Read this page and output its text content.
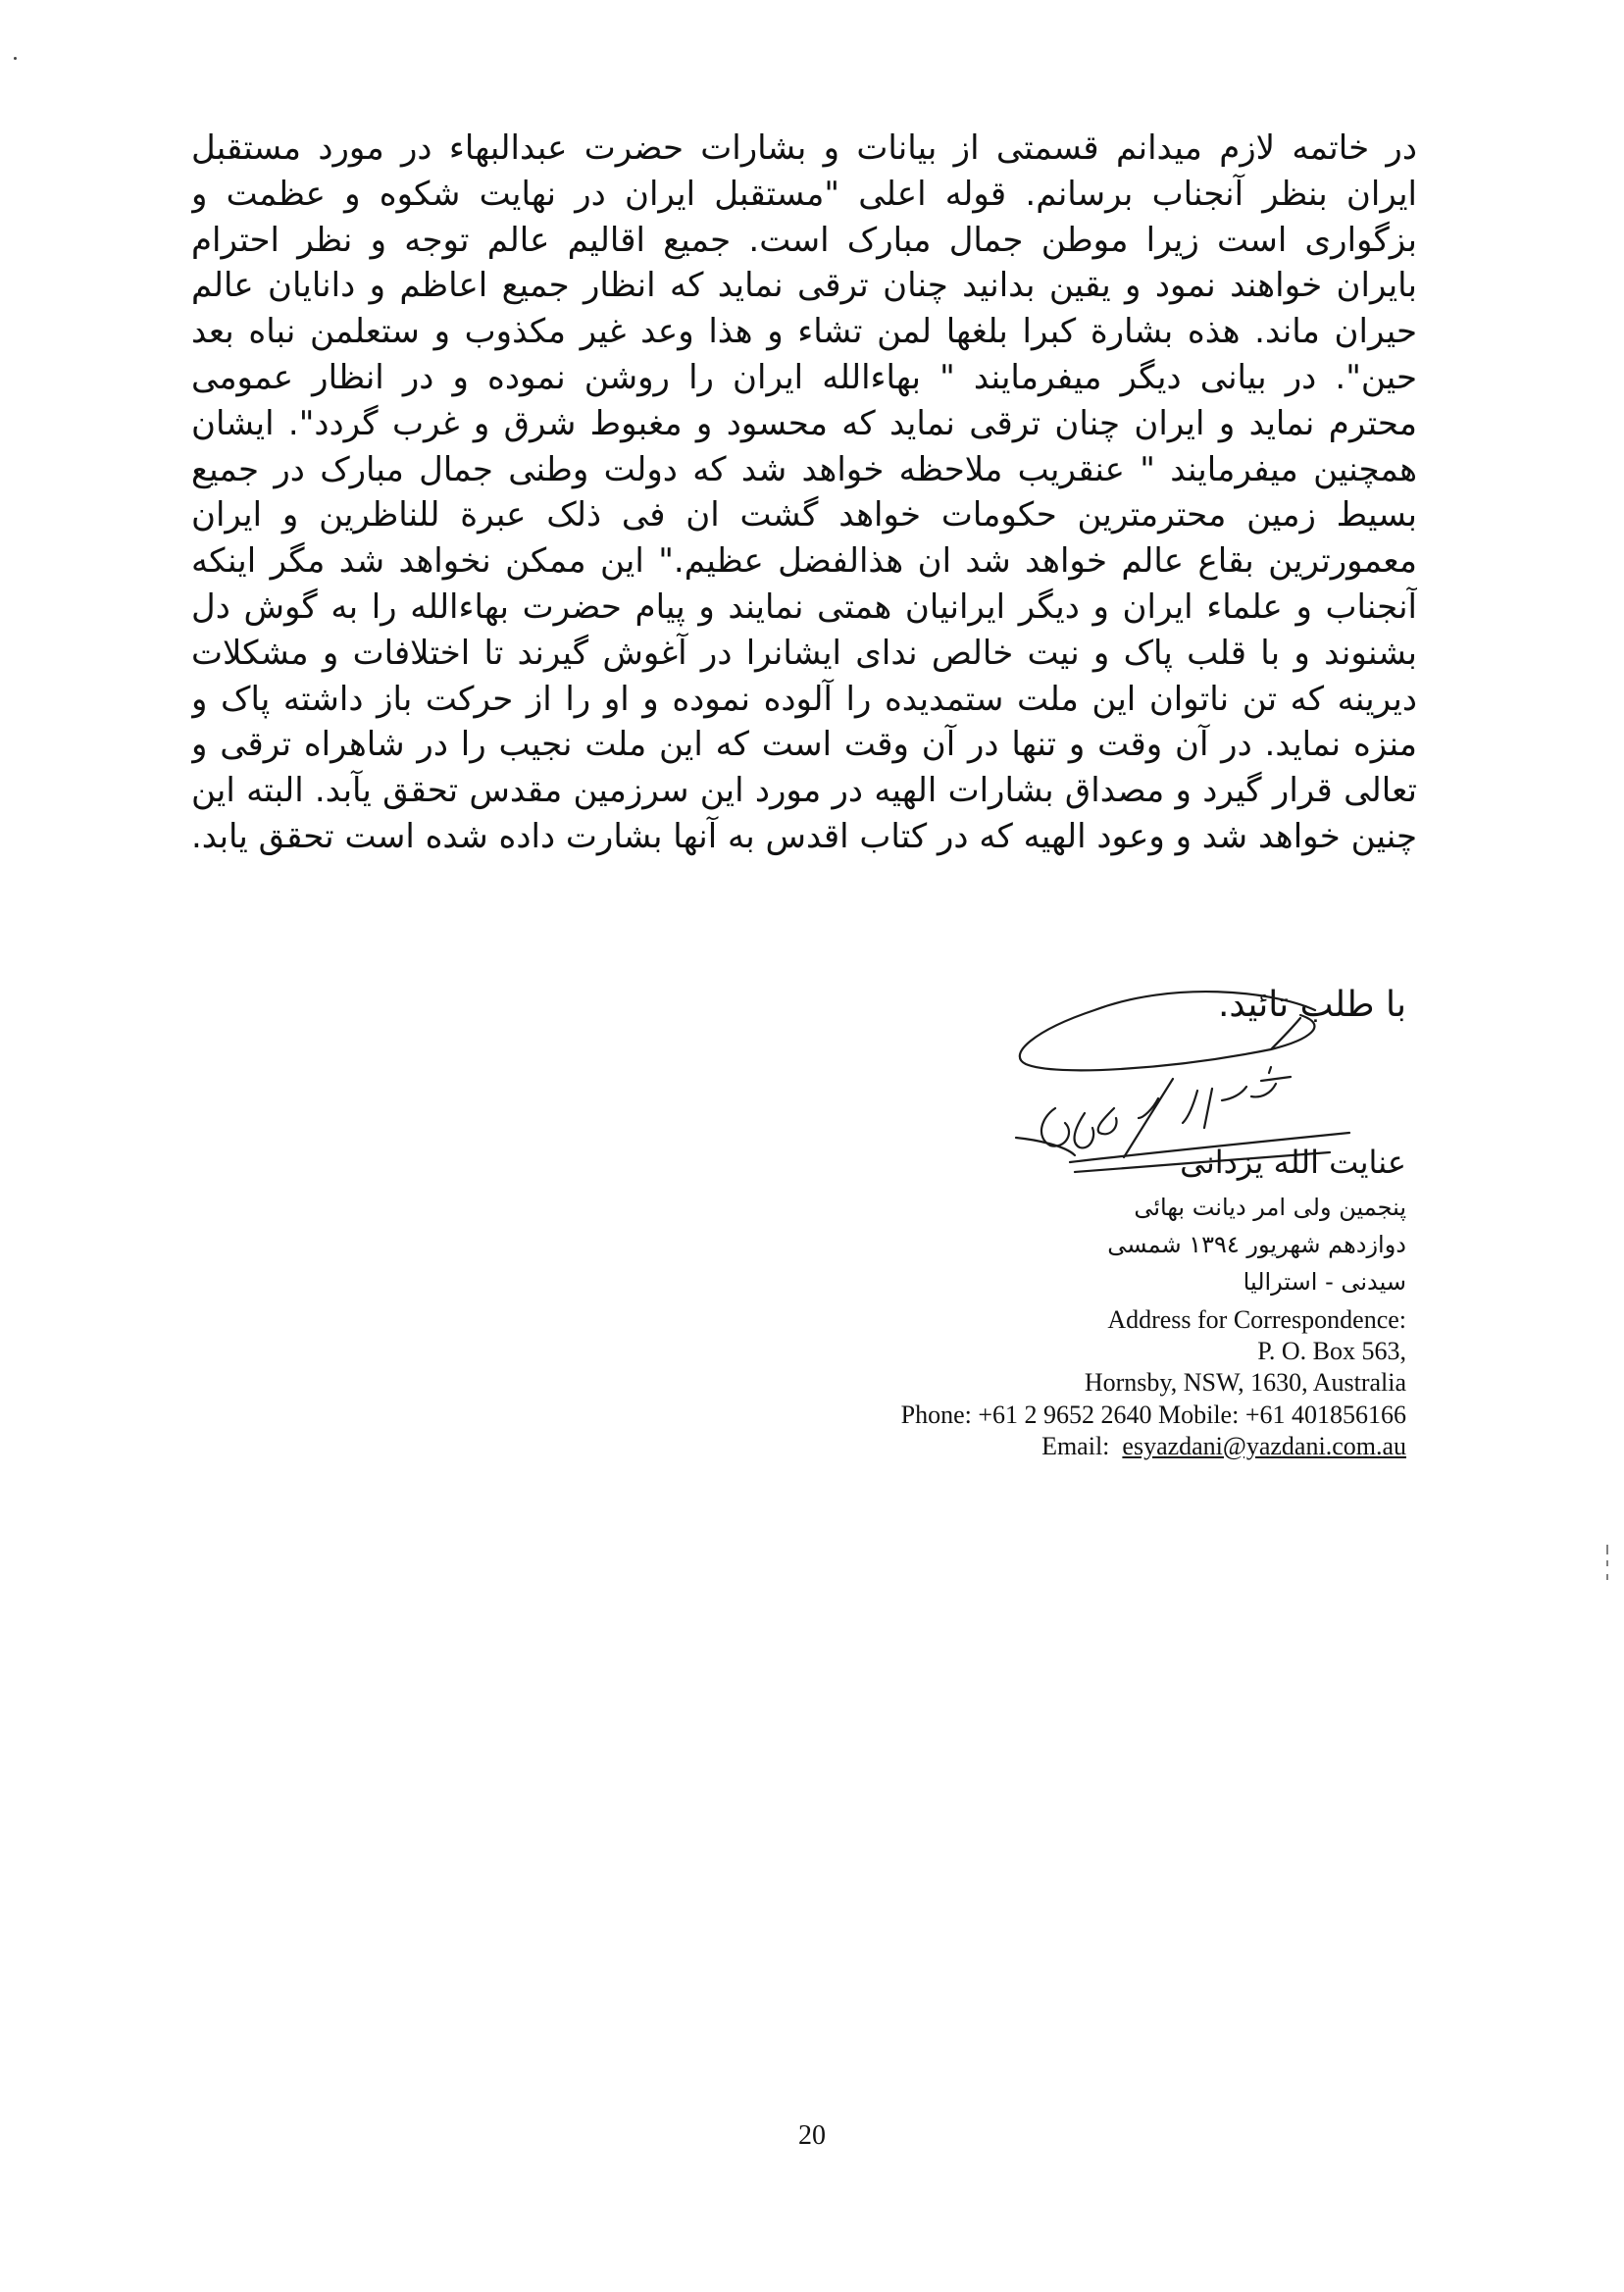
در خاتمه لازم میدانم قسمتی از بیانات و بشارات حضرت عبدالبهاء در مورد مستقبل
ایران بنظر آنجناب برسانم. قوله اعلی "مستقبل ایران در نهایت شکوه و عظمت و
بزگواری است زیرا موطن جمال مبارک است. جمیع اقالیم عالم توجه و نظر احترام
بایران خواهند نمود و یقین بدانید چنان ترقی نماید که انظار جمیع اعاظم و دانایان عالم
حیران ماند. هذه بشارة کبرا بلغها لمن تشاء و هذا وعد غیر مکذوب و ستعلمن نباه بعد
حین". در بیانی دیگر میفرمایند " بهاءالله ایران را روشن نموده و در انظار عمومی
محترم نماید و ایران چنان ترقی نماید که محسود و مغبوط شرق و غرب گردد". ایشان
همچنین میفرمایند " عنقریب ملاحظه خواهد شد که دولت وطنی جمال مبارک در جمیع
بسیط زمین محترمترین حکومات خواهد گشت ان فی ذلک عبرة للناظرین و ایران
معمورترین بقاع عالم خواهد شد ان هذالفضل عظیم." این ممکن نخواهد شد مگر اینکه
آنجناب و علماء ایران و دیگر ایرانیان همتی نمایند و پیام حضرت بهاءالله را به گوش دل
بشنوند و با قلب پاک و نیت خالص ندای ایشانرا در آغوش گیرند تا اختلافات و مشکلات
دیرینه که تن ناتوان این ملت ستمدیده را آلوده نموده و او را از حرکت باز داشته پاک و
منزه نماید. در آن وقت و تنها در آن وقت است که این ملت نجیب را در شاهراه ترقی و
تعالی قرار گیرد و مصداق بشارات الهیه در مورد این سرزمین مقدس تحقق یآبد. البته این
چنین خواهد شد و وعود الهیه که در کتاب اقدس به آنها بشارت داده شده است تحقق یابد.
با طلب تائید.
عنایت الله یزدانی
پنجمین ولی امر دیانت بهائی
دوازدهم شهریور ۱۳۹٤ شمسی
سیدنی - استرالیا
Address for Correspondence:
P. O. Box 563,
Hornsby, NSW, 1630, Australia
Phone: +61 2 9652 2640 Mobile: +61 401856166
Email: esyazdani@yazdani.com.au
20
